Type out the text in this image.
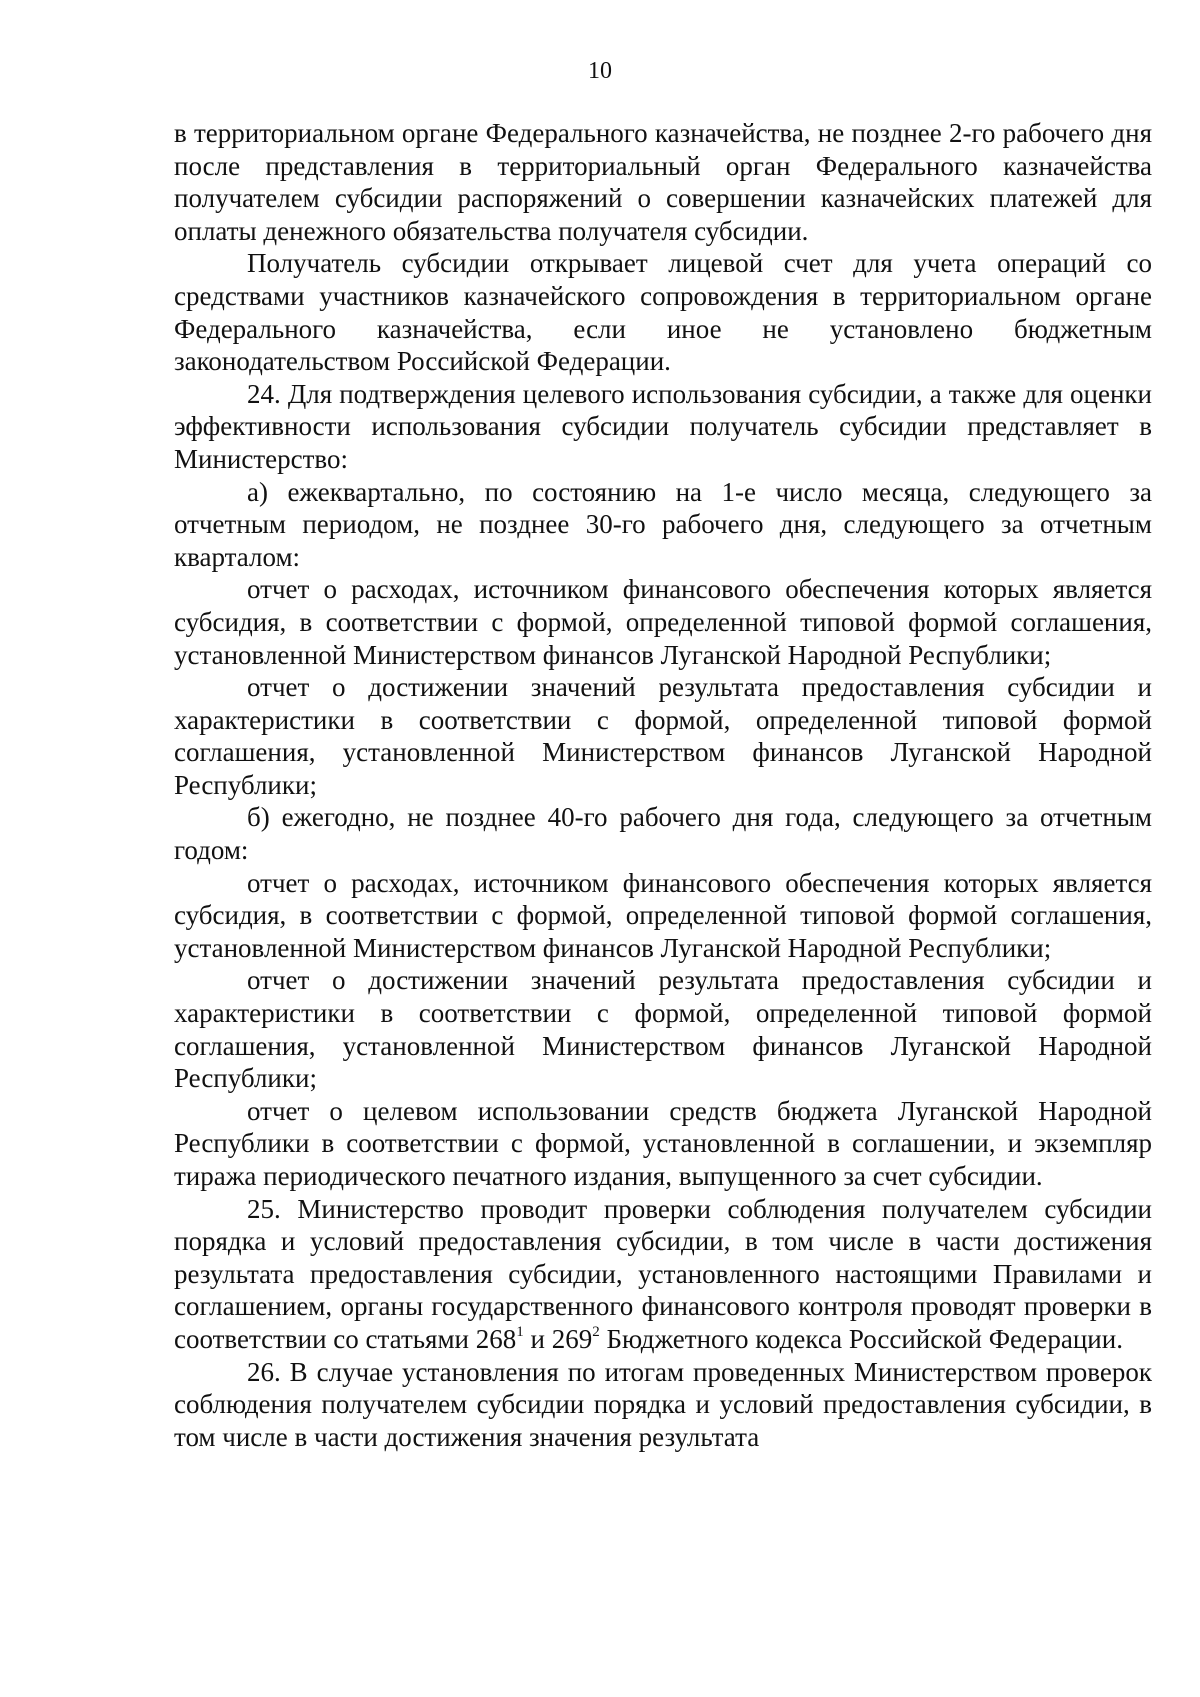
10

в территориальном органе Федерального казначейства, не позднее 2-го рабочего дня после представления в территориальный орган Федерального казначейства получателем субсидии распоряжений о совершении казначейских платежей для оплаты денежного обязательства получателя субсидии.

Получатель субсидии открывает лицевой счет для учета операций со средствами участников казначейского сопровождения в территориальном органе Федерального казначейства, если иное не установлено бюджетным законодательством Российской Федерации.

24. Для подтверждения целевого использования субсидии, а также для оценки эффективности использования субсидии получатель субсидии представляет в Министерство:

а) ежеквартально, по состоянию на 1-е число месяца, следующего за отчетным периодом, не позднее 30-го рабочего дня, следующего за отчетным кварталом:

отчет о расходах, источником финансового обеспечения которых является субсидия, в соответствии с формой, определенной типовой формой соглашения, установленной Министерством финансов Луганской Народной Республики;

отчет о достижении значений результата предоставления субсидии и характеристики в соответствии с формой, определенной типовой формой соглашения, установленной Министерством финансов Луганской Народной Республики;

б) ежегодно, не позднее 40-го рабочего дня года, следующего за отчетным годом:

отчет о расходах, источником финансового обеспечения которых является субсидия, в соответствии с формой, определенной типовой формой соглашения, установленной Министерством финансов Луганской Народной Республики;

отчет о достижении значений результата предоставления субсидии и характеристики в соответствии с формой, определенной типовой формой соглашения, установленной Министерством финансов Луганской Народной Республики;

отчет о целевом использовании средств бюджета Луганской Народной Республики в соответствии с формой, установленной в соглашении, и экземпляр тиража периодического печатного издания, выпущенного за счет субсидии.

25. Министерство проводит проверки соблюдения получателем субсидии порядка и условий предоставления субсидии, в том числе в части достижения результата предоставления субсидии, установленного настоящими Правилами и соглашением, органы государственного финансового контроля проводят проверки в соответствии со статьями $268^1$ и $269^2$ Бюджетного кодекса Российской Федерации.

26. В случае установления по итогам проведенных Министерством проверок соблюдения получателем субсидии порядка и условий предоставления субсидии, в том числе в части достижения значения результата
